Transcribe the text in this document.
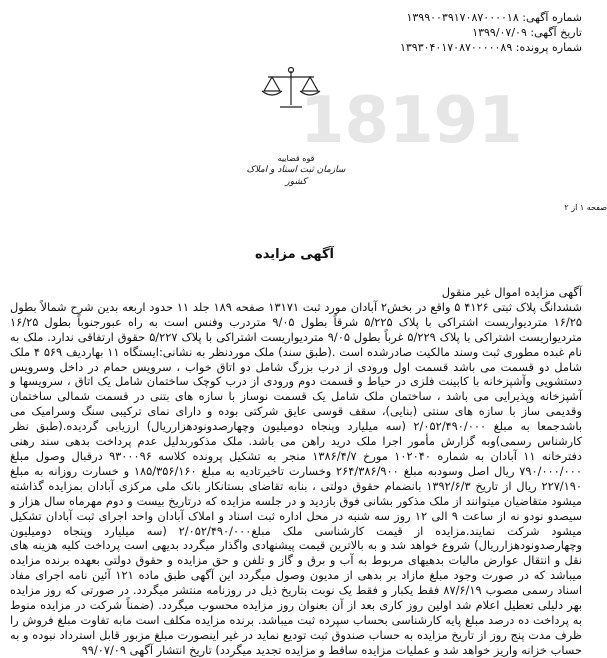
18191
شماره آگهی: ۱۳۹۹۰۰۳۹۱۷۰۸۷۰۰۰۰۱۸
تاریخ آگهی: ۱۳۹۹/۰۷/۰۹
شماره پرونده: ۱۳۹۳۰۴۰۱۷۰۸۷۰۰۰۰۰۸۹
قوه قضاییه
سازمان ثبت اسناد و املاک کشور
صفحه ۱ از ۲
آگهی مزایده

آگهی مزایده اموال غیر منقول

ششدانگ پلاک ثبتی ۴۱۲۶ ۵ واقع در بخش۲ آبادان مورد ثبت ۱۳۱۷۱ صفحه ۱۸۹ جلد ۱۱ حدود اربعه بدین شرح شمالاً بطول ۱۶/۲۵ متردیواریست اشتراکی با پلاک ۵/۲۲۵ شرقاً بطول ۹/۰۵ متردرب وفنس است به راه عبورجنوباً بطول ۱۶/۲۵ متردیواریست اشتراکی با پلاک ۵/۲۲۹ غرباً بطول ۹/۰۵ متردیواریست اشتراکی با پلاک ۵/۲۲۷ حقوق ارتفاقی ندارد. ملک به نام غبده مطوری ثبت وسند مالکیت صادرشده است .(طبق سند) ملک موردنظر به نشانی:ایستگاه ۱۱ بهاردیف ۵۶۹ ۴ ملک شامل دو قسمت می باشد قسمت اول ورودی از درب بزرگ شامل دو اتاق خواب ، سرویس حمام در داخل وسرویس دستشویی وآشپزخانه با کابینت فلزی در حیاط و قسمت دوم ورودی از درب کوچک ساختمان شامل یک اتاق ، سرویسها و آشپزخانه وپذیرایی می باشد ، ساختمان ملک شامل یک قسمت نوساز با سازه های بتنی در قسمت شمالی ساختمان وقدیمی ساز با سازه های سنتی (بنایی)، سقف قوسی عایق شرکتی بوده و دارای نمای ترکیبی سنگ وسرامیک می باشدجمعا به مبلغ ۲/۰۵۲/۴۹۰/۰۰۰ (سه میلیارد وپنجاه دومیلیون وچهارصدونودهزارریال) ارزیابی گردیده.(طبق نظر کارشناس رسمی)وبه گزارش مأمور اجرا ملک درید راهن می باشد. ملک مذکوربدلیل عدم پرداخت بدهی سند رهنی دفترخانه ۱۱ آبادان به شماره ۱۰۲۰۴۰ مورخ ۱۳۸۶/۴/۷ منجر به تشکیل پرونده کلاسه ۹۳۰۰۰۹۶ درقبال وصول مبلغ ۷۹۰/۰۰۰/۰۰۰ ریال اصل وسودبه مبلغ ۲۶۴/۳۸۶/۹۰۰ وخسارت تاخیرتادیه به مبلغ ۱۸۵/۳۵۶/۱۶۰ و خسارت روزانه به مبلغ ۲۲۷/۱۹۰ ریال از تاریخ ۱۳۹۲/۶/۳ بانضمام حقوق دولتی ، بنابه تقاضای بستانکار بانک ملی مرکزی آبادان بمزایده گذاشته میشود متقاضیان میتوانند از ملک مذکور بشانی فوق بازدید و در جلسه مزایده که درتاریخ بیست و دوم مهرماه سال هزار و سیصدو نودو نه از ساعت ۹ الی ۱۲ روز سه شنبه در محل اداره ثبت اسناد و املاک آبادان واحد اجرای ثبت آبادان تشکیل میشود شرکت نمایند.مزایده از قیمت کارشناسی ملک مبلغ۲/۰۵۲/۴۹۰/۰۰۰ (سه میلیارد وپنجاه دومیلیون وچهارصدونودهزارریال) شروع خواهد شد و به بالاترین قیمت پیشنهادی واگذار میگردد بدیهی است پرداخت کلیه هزینه های نقل و انتقال عوارض مالیات بدهیهای مربوط به آب و برق و گاز و تلفن و حق مزایده و حقوق دولتی بعهده برنده مزایده میباشد که در صورت وجود مبلغ مازاد بر بدهی از مدیون وصول میگردد این آگهی طبق ماده ۱۲۱ آئین نامه اجرای مفاد اسناد رسمی مصوب ۸۷/۶/۱۹ فقط یکبار و فقط یک نوبت بتاریخ ذیل در روزنامه منتشر میگردد. در صورتی که روز مزایده بهر دلیلی تعطیل اعلام شد اولین روز کاری بعد از آن بعنوان روز مزایده محسوب میگردد. (ضمناً شرکت در مزایده منوط به پرداخت ده درصد مبلغ پایه کارشناسی بحساب سپرده ثبت میباشد. برنده مزایده مکلف است مابه تفاوت مبلغ فروش را ظرف مدت پنج روز از تاریخ مزایده به حساب صندوق ثبت تودیع نماید در غیر اینصورت مبلغ مزبور قابل استرداد نبوده و به حساب خزانه واریز خواهد شد و عملیات مزایده ساقط و مزایده تجدید میگردد) تاریخ انتشار آگهی ۹۹/۰۷/۰۹
